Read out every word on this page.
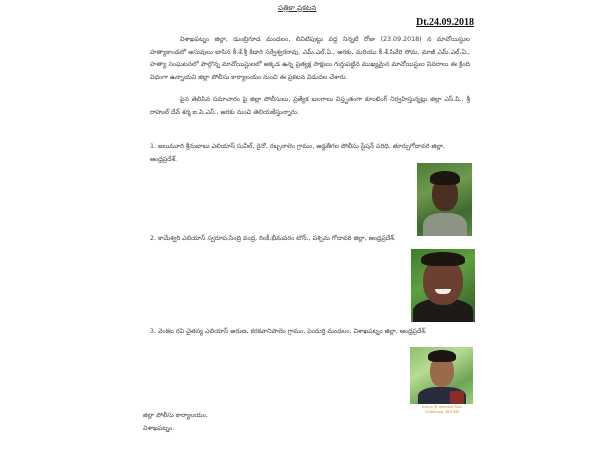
పత్రికా ప్రకటన
Dt.24.09.2018
విశాఖపట్నం జిల్లా, డుంబ్రిగూడ మండలం, లివిటిపుట్టు వద్ద నిన్నటి రోజు (23.09.2018) న మావోయిస్టుల హత్యాకాండలో అసువులు బాసిన కీ.శే.శ్రీ కిడారి సర్వేశ్వరరావు, ఎమ్.ఎల్.ఏ., అరకు, మరియు కీ.శే.సివేరి సోమ, మాజీ ఎమ్.ఎల్.ఏ., హత్యా సంఘటనలో పాల్గొన్న మావోయిస్టులలో అక్కడ ఉన్న ప్రత్యక్ష సాక్షులు గుర్తుపట్టిన ముఖ్యమైన మావోయిస్టుల వివరాలు ఈ క్రింది విధంగా ఉన్నాయని జిల్లా పోలీసు కార్యాలయం నుంచి ఈ ప్రకటన విడుదల చేశారు.
పైన తెలిపిన సమాచారం పై జిల్లా పోలీసులు, ప్రత్యేక బలగాలు విస్తృతంగా కూంబింగ్ నిర్వహిస్తున్నట్లు జిల్లా ఎస్.పి., శ్రీ రాహుల్ దేవ్ శర్మ ఐ.పి.ఎస్., అరకు నుంచి తెలియజేస్తున్నారు.
1. జలుమూరి శ్రీనుబాబు ఎలియాస్ సునీల్, రైనో, రబ్బనాలెం గ్రామం, అడ్డతీగల పోలీసు స్టేషన్ పరిధి, తూర్పుగోదావరి జిల్లా, ఆంధ్రప్రదేశ్.
2. కామేశ్వరి ఎలియాస్ స్వరూప,సింద్రి వంద్ర, రింకీ,భీమవరం టౌన్., పశ్చిమ గోదావరి జిల్లా, ఆంధ్రప్రదేశ్.
3. వెంకట రవి చైతన్య ఎలియాస్ అరుణ, కరకవానిపాలెం గ్రామం, పెందుర్తి మండలం, విశాఖపట్నం జిల్లా, ఆంధ్రప్రదేశ్.
Aruna @ Venkata Ravi
Chaitanya, DDCMS
జిల్లా పోలీసు కార్యాలయం,
విశాఖపట్నం.
